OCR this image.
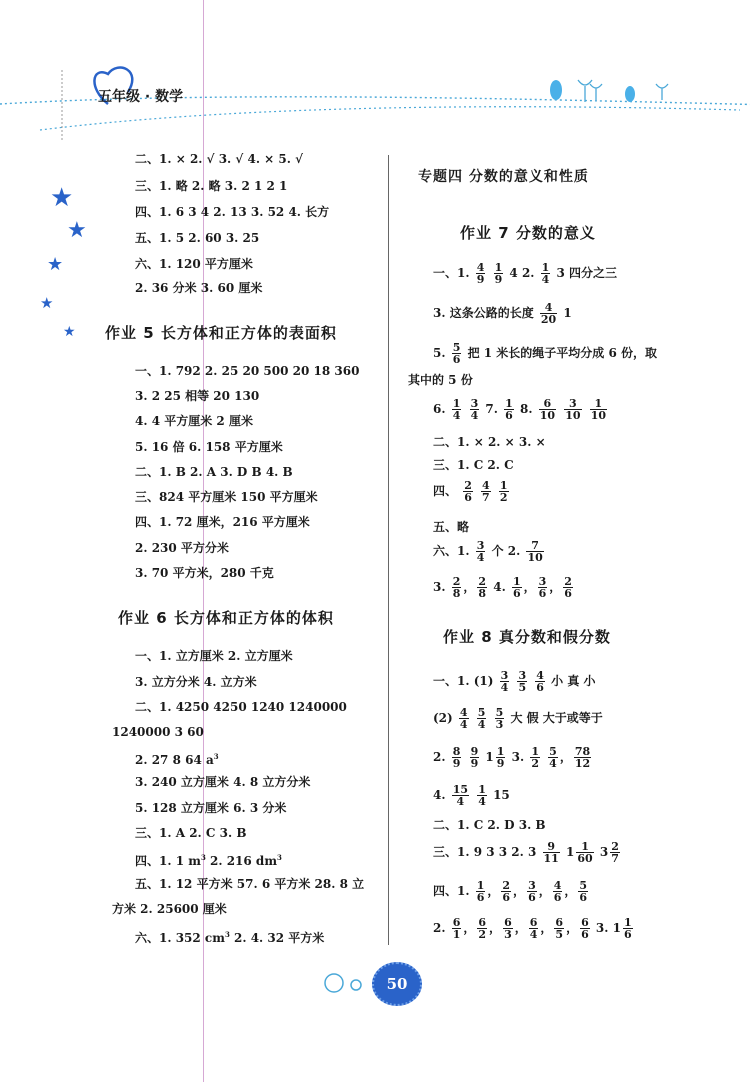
五年级 · 数学
★
★
★
★
★
二、1. × 2. √ 3. √ 4. × 5. √
三、1. 略 2. 略 3. 2 1 2 1
四、1. 6 3 4 2. 13 3. 52 4. 长方
五、1. 5 2. 60 3. 25
六、1. 120 平方厘米
2. 36 分米 3. 60 厘米
作业 5 长方体和正方体的表面积
一、1. 792 2. 25 20 500 20 18 360
3. 2 25 相等 20 130
4. 4 平方厘米 2 厘米
5. 16 倍 6. 158 平方厘米
二、1. B 2. A 3. D B 4. B
三、824 平方厘米 150 平方厘米
四、1. 72 厘米，216 平方厘米
2. 230 平方分米
3. 70 平方米，280 千克
作业 6 长方体和正方体的体积
一、1. 立方厘米 2. 立方厘米
3. 立方分米 4. 立方米
二、1. 4250 4250 1240 1240000
1240000 3 60
2. 27 8 64 $a^3$
3. 240 立方厘米 4. 8 立方分米
5. 128 立方厘米 6. 3 分米
三、1. A 2. C 3. B
四、1. 1 $m^3$ 2. 216 $dm^3$
五、1. 12 平方米 57. 6 平方米 28. 8 立
方米 2. 25600 厘米
六、1. 352 $cm^3$ 2. 4. 32 平方米
专题四 分数的意义和性质
作业 7 分数的意义
一、1. $\frac{4}{9}$
$\frac{1}{9} 4$ 2. $\frac{1}{4} 3$ 四分之三
3. 这条公路的长度 $\frac{4}{20} 1$
5. $\frac{5}{6}$ 把 1 米长的绳子平均分成 6 份，取
其中的 5 份
6. $\frac{1}{4}$
$\frac{3}{4} 7$. $\frac{1}{6} 8$. $\frac{6}{10}$
$\frac{3}{10}$
$\frac{1}{10}$
二、1. × 2. × 3. ×
三、1. C 2. C
四、 $\frac{2}{6}$
$\frac{4}{7}$
$\frac{1}{2}$
五、略
六、1. $\frac{3}{4}$ 个 2. $\frac{7}{10}$
3. $\frac{2}{8}$ ， $\frac{2}{8} 4$. $\frac{1}{6}$ ， $\frac{3}{6}$ ， $\frac{2}{6}$
作业 8 真分数和假分数
一、1. $(1) \frac{3}{4}$
$\frac{3}{5}$
$\frac{4}{6}$ 小 真 小
$(2) \frac{4}{4}$
$\frac{5}{4}$
$\frac{5}{3}$ 大 假 大于或等于
2. $\frac{8}{9}$
$\frac{9}{9} 1 \frac{1}{9} 3$. $\frac{1}{2}$
$\frac{5}{4}$ ， $\frac{78}{12}$
4. $\frac{15}{4}$
$\frac{1}{4} 15$
二、1. C 2. D 3. B
三、1. 9 3 3 2. $3 \frac{9}{11} 1 \frac{1}{60} 3 \frac{2}{7}$
四、1. $\frac{1}{6}$ ， $\frac{2}{6}$ ， $\frac{3}{6}$ ， $\frac{4}{6}$ ， $\frac{5}{6}$
2. $\frac{6}{1}$ ， $\frac{6}{2}$ ， $\frac{6}{3}$ ， $\frac{6}{4}$ ， $\frac{6}{5}$ ， $\frac{6}{6} 3$. $1 \frac{1}{6}$
50
